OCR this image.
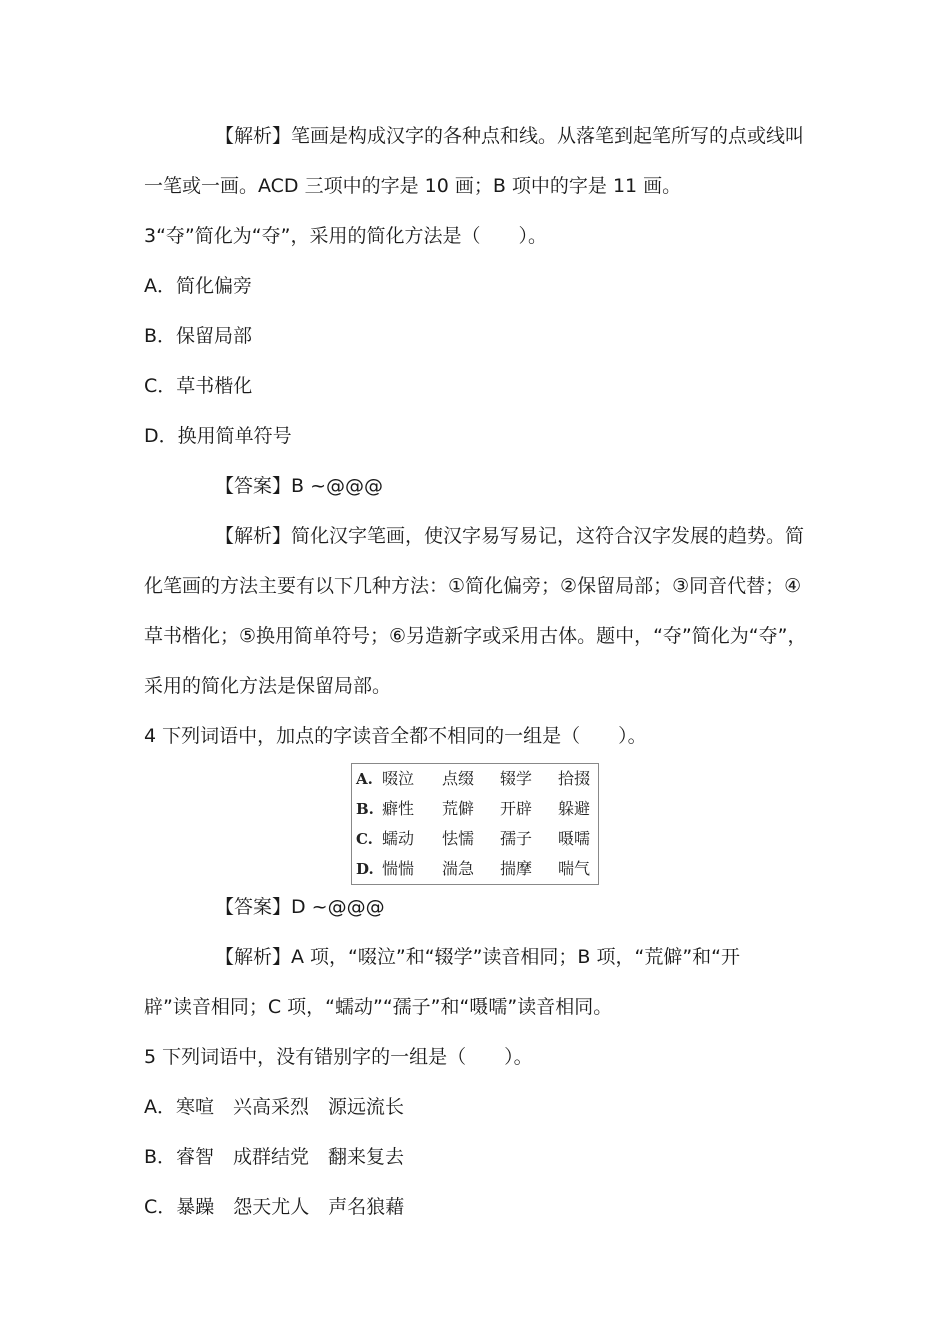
【解析】笔画是构成汉字的各种点和线。从落笔到起笔所写的点或线叫
一笔或一画。ACD 三项中的字是 10 画；B 项中的字是 11 画。
3“夺”简化为“夺”，采用的简化方法是（　　）。
A．简化偏旁
B．保留局部
C．草书楷化
D．换用简单符号
【答案】B ~@@@
【解析】简化汉字笔画，使汉字易写易记，这符合汉字发展的趋势。简
化笔画的方法主要有以下几种方法：①简化偏旁；②保留局部；③同音代替；④
草书楷化；⑤换用简单符号；⑥另造新字或采用古体。题中，“夺”简化为“夺”，
采用的简化方法是保留局部。
4 下列词语中，加点的字读音全都不相同的一组是（　　）。
A. 啜泣 点缀 辍学 拾掇
B. 癖性 荒僻 开辟 躲避
C. 蠕动 怯懦 孺子 嗫嚅
D. 惴惴 湍急 揣摩 喘气
【答案】D ~@@@
【解析】A 项，“啜泣”和“辍学”读音相同；B 项，“荒僻”和“开
辟”读音相同；C 项，“蠕动”“孺子”和“嗫嚅”读音相同。
5 下列词语中，没有错别字的一组是（　　）。
A．寒喧　兴高采烈　源远流长
B．睿智　成群结党　翻来复去
C．暴躁　怨天尤人　声名狼藉
